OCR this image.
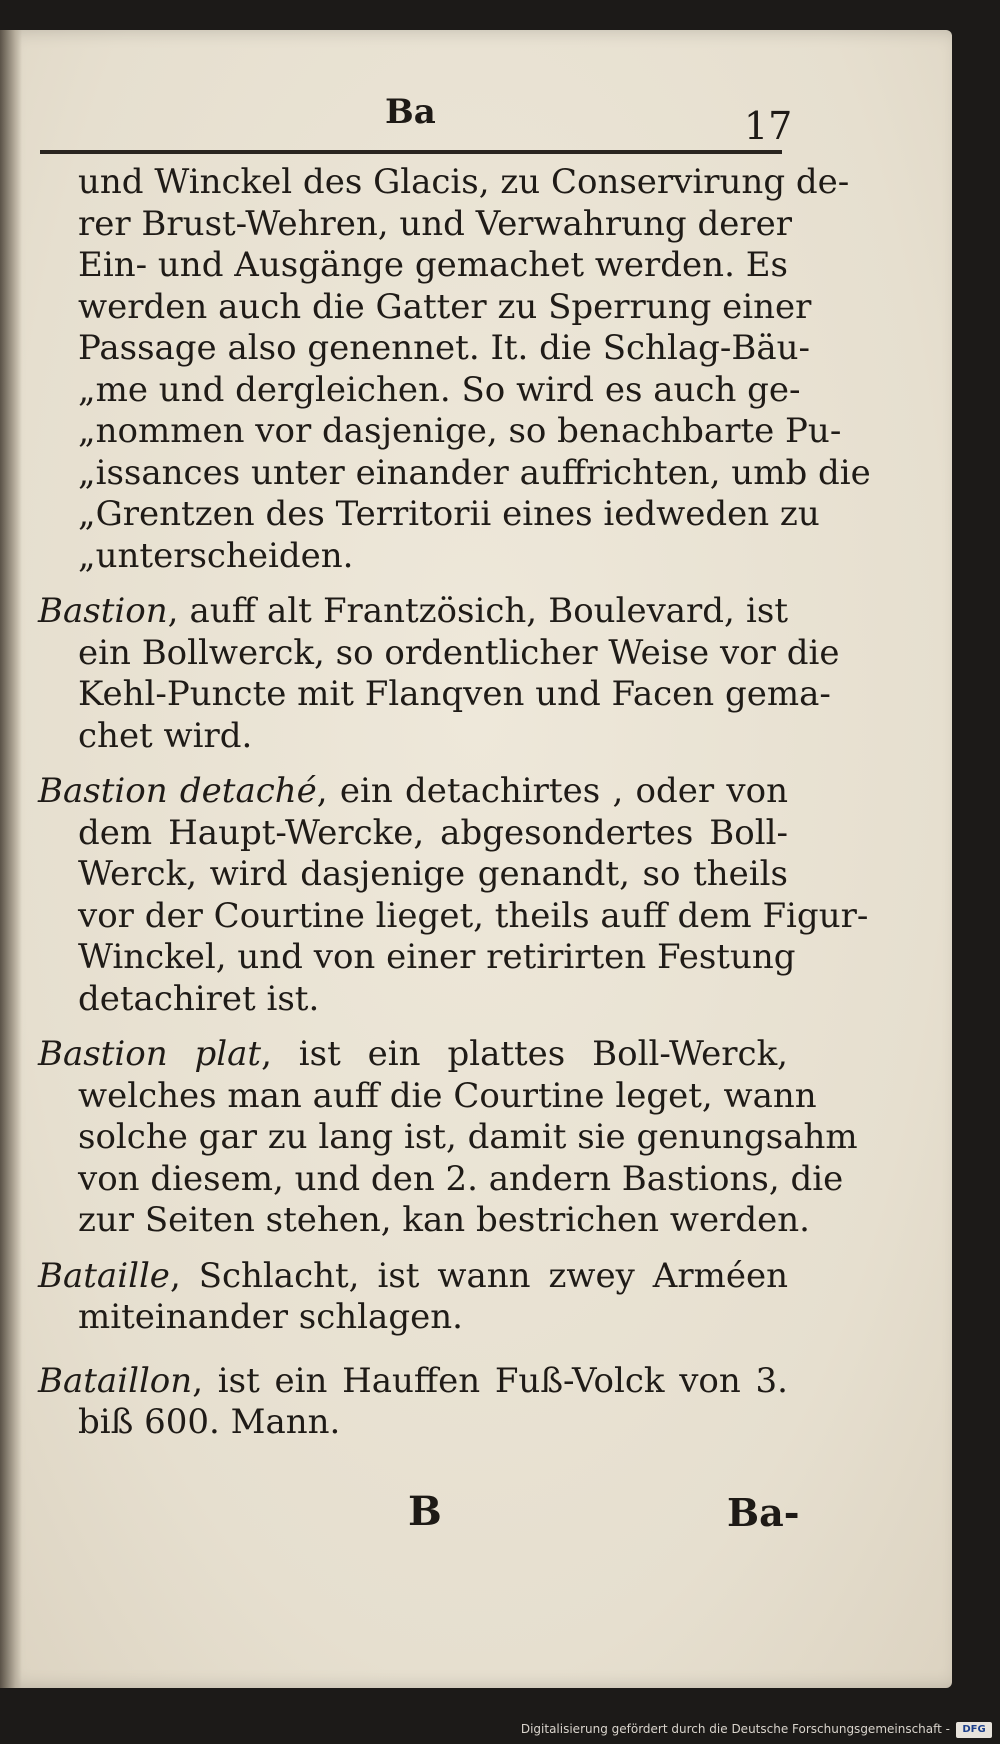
Ba	17
und Winckel des Glacis, zu Conservirung de-
rer Brust-Wehren, und Verwahrung derer
Ein- und Ausgänge gemachet werden. Es
werden auch die Gatter zu Sperrung einer
Passage also genennet. It. die Schlag-Bäu-
„me und dergleichen. So wird es auch ge-
„nommen vor dasjenige, so benachbarte Pu-
„issances unter einander auffrichten, umb die
„Grentzen des Territorii eines iedweden zu
„unterscheiden.
Bastion, auff alt Frantzösich, Boulevard, ist
ein Bollwerck, so ordentlicher Weise vor die
Kehl-Puncte mit Flanqven und Facen gema-
chet wird.
Bastion detaché, ein detachirtes , oder von
dem Haupt-Wercke, abgesondertes Boll-
Werck, wird dasjenige genandt, so theils
vor der Courtine lieget, theils auff dem Figur-
Winckel, und von einer retirirten Festung
detachiret ist.
Bastion plat, ist ein plattes Boll-Werck,
welches man auff die Courtine leget, wann
solche gar zu lang ist, damit sie genungsahm
von diesem, und den 2. andern Bastions, die
zur Seiten stehen, kan bestrichen werden.
Bataille, Schlacht, ist wann zwey Arméen
miteinander schlagen.
Bataillon, ist ein Hauffen Fuß-Volck von 3.
biß 600. Mann.
B	Ba-
Digitalisierung gefördert durch die Deutsche Forschungsgemeinschaft -	DFG
